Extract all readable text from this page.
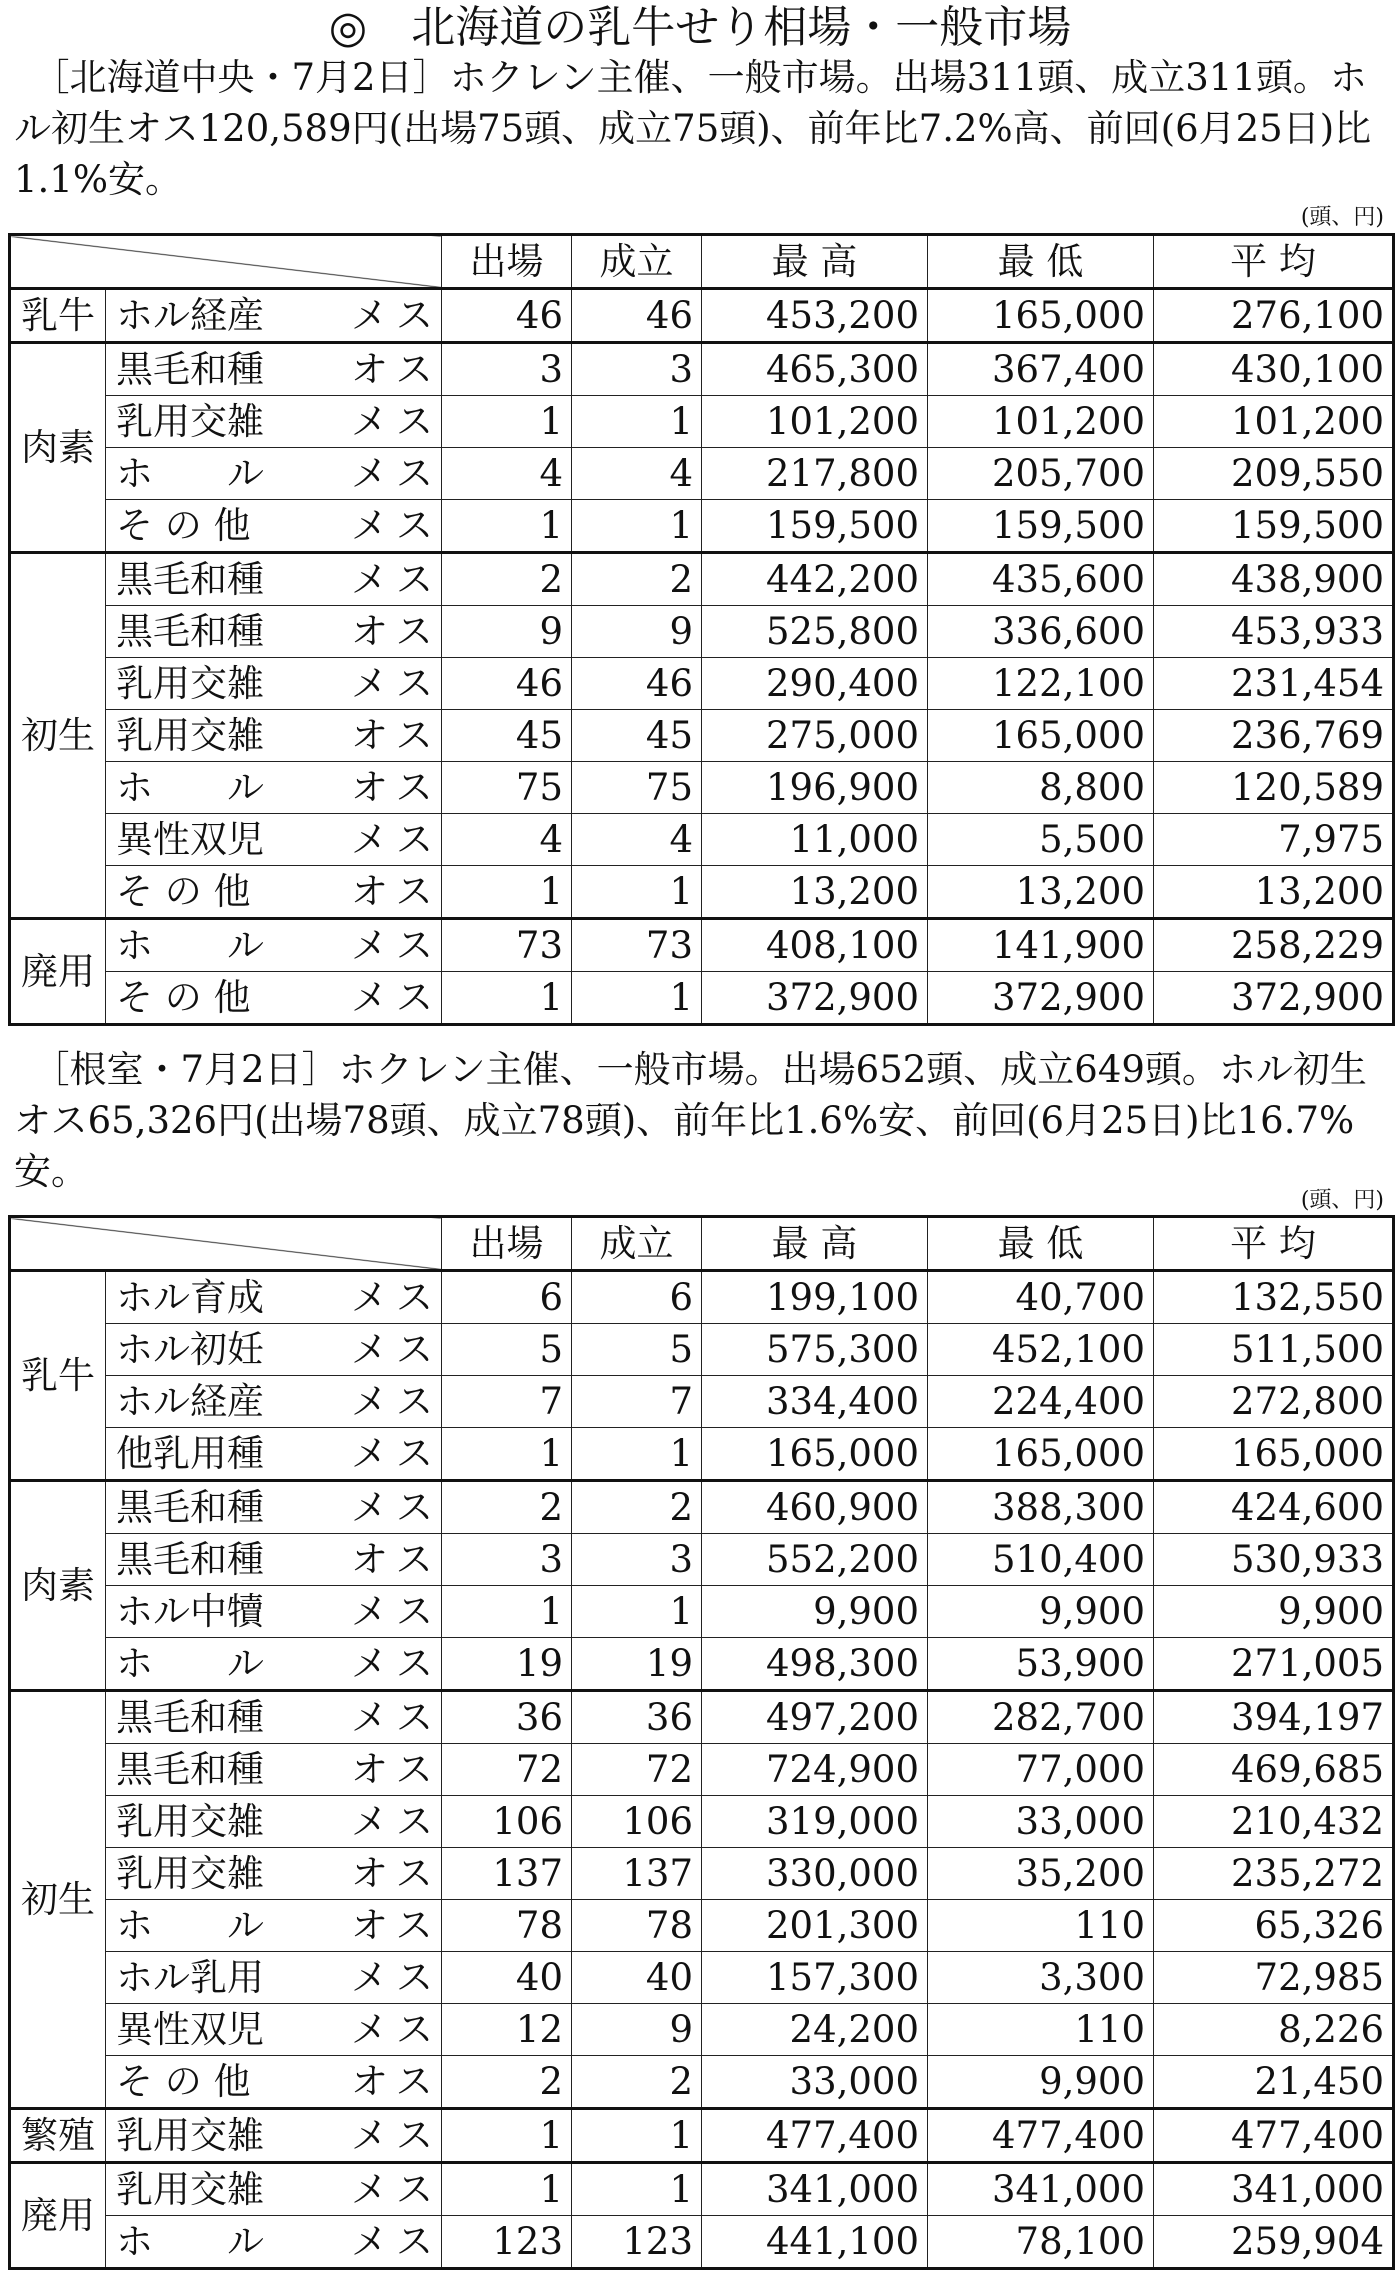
◎　北海道の乳牛せり相場・一般市場
　［北海道中央・7月2日］ホクレン主催、一般市場。出場311頭、成立311頭。ホル初生オス120,589円(出場75頭、成立75頭)、前年比7.2%高、前回(6月25日)比1.1%安。
(頭、円)
		出場	成立	最 高	最 低	平 均
乳牛	ホル経産 メス	46	46	453,200	165,000	276,100
肉素	黒毛和種 オス	3	3	465,300	367,400	430,100
	乳用交雑 メス	1	1	101,200	101,200	101,200
	ホ　　ル メス	4	4	217,800	205,700	209,550
	そ の 他 メス	1	1	159,500	159,500	159,500
初生	黒毛和種 メス	2	2	442,200	435,600	438,900
	黒毛和種 オス	9	9	525,800	336,600	453,933
	乳用交雑 メス	46	46	290,400	122,100	231,454
	乳用交雑 オス	45	45	275,000	165,000	236,769
	ホ　　ル オス	75	75	196,900	8,800	120,589
	異性双児 メス	4	4	11,000	5,500	7,975
	そ の 他 オス	1	1	13,200	13,200	13,200
廃用	ホ　　ル メス	73	73	408,100	141,900	258,229
	そ の 他 メス	1	1	372,900	372,900	372,900
　［根室・7月2日］ホクレン主催、一般市場。出場652頭、成立649頭。ホル初生オス65,326円(出場78頭、成立78頭)、前年比1.6%安、前回(6月25日)比16.7%安。
(頭、円)
		出場	成立	最 高	最 低	平 均
乳牛	ホル育成 メス	6	6	199,100	40,700	132,550
	ホル初妊 メス	5	5	575,300	452,100	511,500
	ホル経産 メス	7	7	334,400	224,400	272,800
	他乳用種 メス	1	1	165,000	165,000	165,000
肉素	黒毛和種 メス	2	2	460,900	388,300	424,600
	黒毛和種 オス	3	3	552,200	510,400	530,933
	ホル中犢 メス	1	1	9,900	9,900	9,900
	ホ　　ル メス	19	19	498,300	53,900	271,005
初生	黒毛和種 メス	36	36	497,200	282,700	394,197
	黒毛和種 オス	72	72	724,900	77,000	469,685
	乳用交雑 メス	106	106	319,000	33,000	210,432
	乳用交雑 オス	137	137	330,000	35,200	235,272
	ホ　　ル オス	78	78	201,300	110	65,326
	ホル乳用 メス	40	40	157,300	3,300	72,985
	異性双児 メス	12	9	24,200	110	8,226
	そ の 他 オス	2	2	33,000	9,900	21,450
繁殖	乳用交雑 メス	1	1	477,400	477,400	477,400
廃用	乳用交雑 メス	1	1	341,000	341,000	341,000
	ホ　　ル メス	123	123	441,100	78,100	259,904
